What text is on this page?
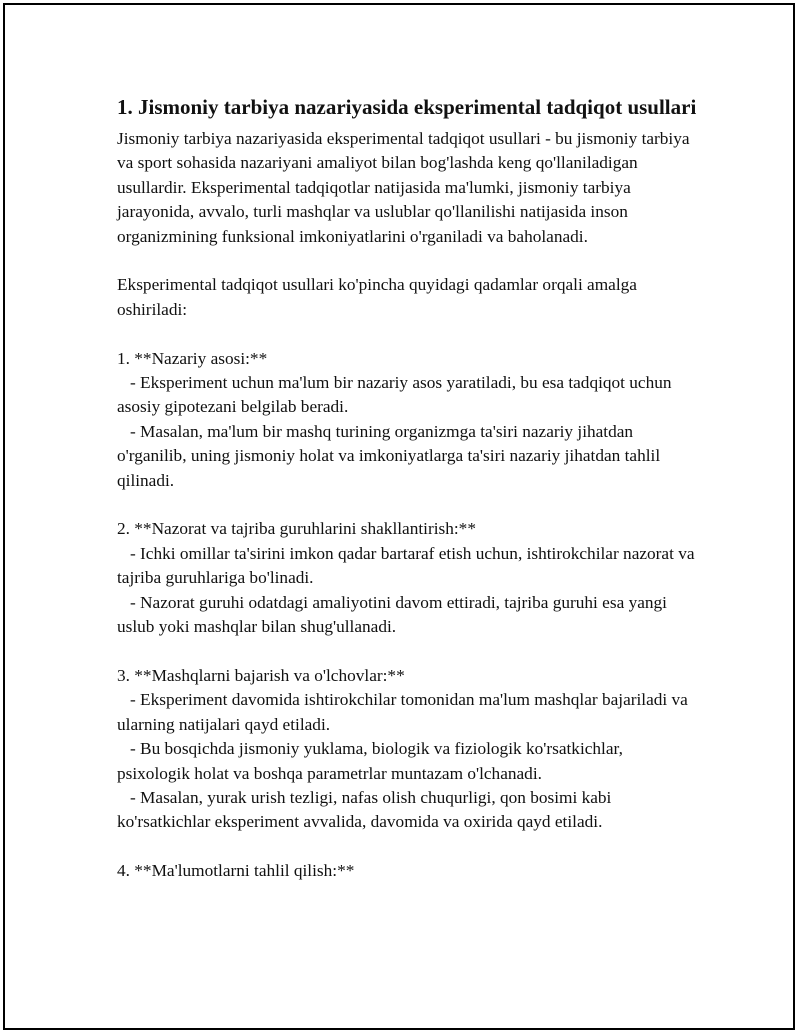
1. Jismoniy tarbiya nazariyasida eksperimental tadqiqot usullari

Jismoniy tarbiya nazariyasida eksperimental tadqiqot usullari - bu jismoniy tarbiya va sport sohasida nazariyani amaliyot bilan bog'lashda keng qo'llaniladigan usullardir. Eksperimental tadqiqotlar natijasida ma'lumki, jismoniy tarbiya jarayonida, avvalo, turli mashqlar va uslublar qo'llanilishi natijasida inson organizmining funksional imkoniyatlarini o'rganiladi va baholanadi.

Eksperimental tadqiqot usullari ko'pincha quyidagi qadamlar orqali amalga oshiriladi:

1. **Nazariy asosi:**

- Eksperiment uchun ma'lum bir nazariy asos yaratiladi, bu esa tadqiqot uchun asosiy gipotezani belgilab beradi.

- Masalan, ma'lum bir mashq turining organizmga ta'siri nazariy jihatdan o'rganilib, uning jismoniy holat va imkoniyatlarga ta'siri nazariy jihatdan tahlil qilinadi.

2. **Nazorat va tajriba guruhlarini shakllantirish:**

- Ichki omillar ta'sirini imkon qadar bartaraf etish uchun, ishtirokchilar nazorat va tajriba guruhlariga bo'linadi.

- Nazorat guruhi odatdagi amaliyotini davom ettiradi, tajriba guruhi esa yangi uslub yoki mashqlar bilan shug'ullanadi.

3. **Mashqlarni bajarish va o'lchovlar:**

- Eksperiment davomida ishtirokchilar tomonidan ma'lum mashqlar bajariladi va ularning natijalari qayd etiladi.

- Bu bosqichda jismoniy yuklama, biologik va fiziologik ko'rsatkichlar, psixologik holat va boshqa parametrlar muntazam o'lchanadi.

- Masalan, yurak urish tezligi, nafas olish chuqurligi, qon bosimi kabi ko'rsatkichlar eksperiment avvalida, davomida va oxirida qayd etiladi.

4. **Ma'lumotlarni tahlil qilish:**
